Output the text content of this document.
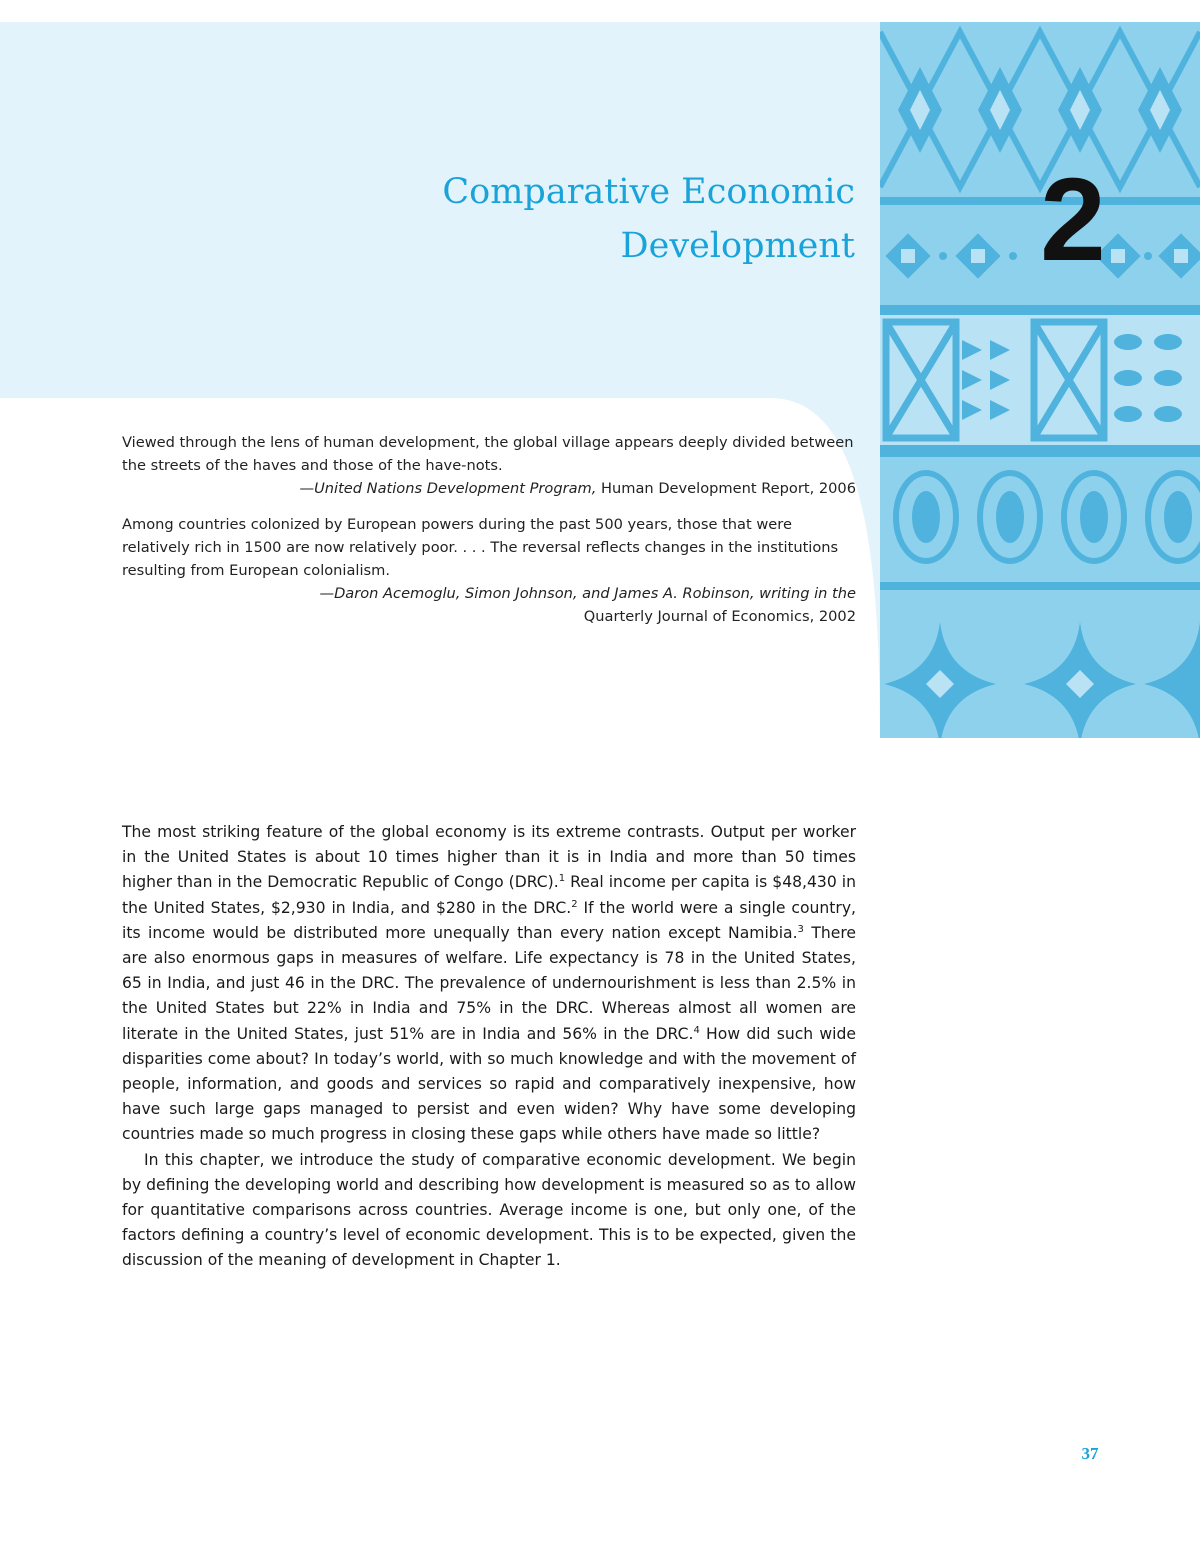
2
Comparative Economic
Development
Viewed through the lens of human development, the global village appears deeply divided between the streets of the haves and those of the have-nots.
—United Nations Development Program, Human Development Report, 2006
Among countries colonized by European powers during the past 500 years, those that were relatively rich in 1500 are now relatively poor. . . . The reversal reflects changes in the institutions resulting from European colonialism.
—Daron Acemoglu, Simon Johnson, and James A. Robinson, writing in the
Quarterly Journal of Economics, 2002

The most striking feature of the global economy is its extreme contrasts. Output per worker in the United States is about 10 times higher than it is in India and more than 50 times higher than in the Democratic Republic of Congo (DRC).$^1$ Real income per capita is $48,430 in the United States, $2,930 in India, and $280 in the DRC.$^2$ If the world were a single country, its income would be distributed more unequally than every nation except Namibia.$^3$ There are also enormous gaps in measures of welfare. Life expectancy is 78 in the United States, 65 in India, and just 46 in the DRC. The prevalence of undernourishment is less than 2.5% in the United States but 22% in India and 75% in the DRC. Whereas almost all women are literate in the United States, just 51% are in India and 56% in the DRC.$^4$ How did such wide disparities come about? In today’s world, with so much knowledge and with the movement of people, information, and goods and services so rapid and comparatively inexpensive, how have such large gaps managed to persist and even widen? Why have some developing countries made so much progress in closing these gaps while others have made so little?

In this chapter, we introduce the study of comparative economic development. We begin by defining the developing world and describing how development is measured so as to allow for quantitative comparisons across countries. Average income is one, but only one, of the factors defining a country’s level of economic development. This is to be expected, given the discussion of the meaning of development in Chapter 1.

37
